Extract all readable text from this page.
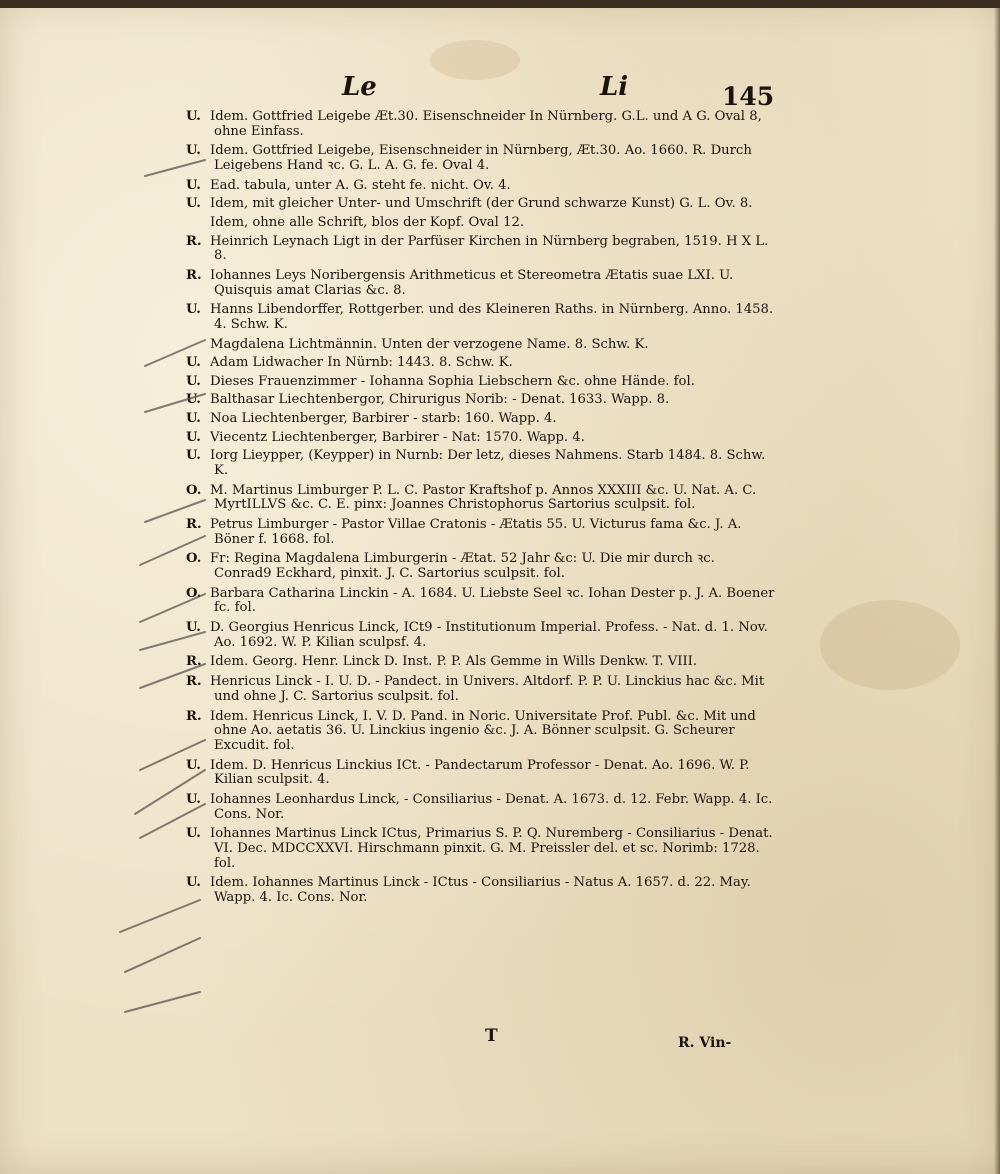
Le	Li	145
U. Idem. Gottfried Leigebe Æt.30. Eisenschneider In Nürnberg. G.L. und A G. Oval 8, ohne Einfass.
U. Idem. Gottfried Leigebe, Eisenschneider in Nürnberg, Æt.30. Ao. 1660. R. Durch Leigebens Hand ꝛc. G. L. A. G. fe. Oval 4.
U. Ead. tabula, unter A. G. steht fe. nicht. Ov. 4.
U. Idem, mit gleicher Unter- und Umschrift (der Grund schwarze Kunst) G. L. Ov. 8.
Idem, ohne alle Schrift, blos der Kopf. Oval 12.
R. Heinrich Leynach Ligt in der Parfüser Kirchen in Nürnberg begraben, 1519. H X L. 8.
R. Iohannes Leys Noribergensis Arithmeticus et Stereometra Ætatis suae LXI. U. Quisquis amat Clarias &c. 8.
U. Hanns Libendorffer, Rottgerber. und des Kleineren Raths. in Nürnberg. Anno. 1458. 4. Schw. K.
Magdalena Lichtmännin. Unten der verzogene Name. 8. Schw. K.
U. Adam Lidwacher In Nürnb: 1443. 8. Schw. K.
U. Dieses Frauenzimmer - Iohanna Sophia Liebschern &c. ohne Hände. fol.
U. Balthasar Liechtenbergor, Chirurigus Norib: - Denat. 1633. Wapp. 8.
U. Noa Liechtenberger, Barbirer - starb: 160. Wapp. 4.
U. Viecentz Liechtenberger, Barbirer - Nat: 1570. Wapp. 4.
U. Iorg Lieypper, (Keypper) in Nurnb: Der letz, dieses Nahmens. Starb 1484. 8. Schw. K.
O. M. Martinus Limburger P. L. C. Pastor Kraftshof p. Annos XXXIII &c. U. Nat. A. C. MyrtILLVS &c. C. E. pinx: Joannes Christophorus Sartorius sculpsit. fol.
R. Petrus Limburger - Pastor Villae Cratonis - Ætatis 55. U. Victurus fama &c. J. A. Böner f. 1668. fol.
O. Fr: Regina Magdalena Limburgerin - Ætat. 52 Jahr &c: U. Die mir durch ꝛc. Conrad9 Eckhard, pinxit. J. C. Sartorius sculpsit. fol.
O. Barbara Catharina Linckin - A. 1684. U. Liebste Seel ꝛc. Iohan Dester p. J. A. Boener fc. fol.
U. D. Georgius Henricus Linck, ICt9 - Institutionum Imperial. Profess. - Nat. d. 1. Nov. Ao. 1692. W. P. Kilian sculpsf. 4.
R. Idem. Georg. Henr. Linck D. Inst. P. P. Als Gemme in Wills Denkw. T. VIII.
R. Henricus Linck - I. U. D. - Pandect. in Univers. Altdorf. P. P. U. Linckius hac &c. Mit und ohne J. C. Sartorius sculpsit. fol.
R. Idem. Henricus Linck, I. V. D. Pand. in Noric. Universitate Prof. Publ. &c. Mit und ohne Ao. aetatis 36. U. Linckius ingenio &c. J. A. Bönner sculpsit. G. Scheurer Excudit. fol.
U. Idem. D. Henricus Linckius ICt. - Pandectarum Professor - Denat. Ao. 1696. W. P. Kilian sculpsit. 4.
U. Iohannes Leonhardus Linck, - Consiliarius - Denat. A. 1673. d. 12. Febr. Wapp. 4. Ic. Cons. Nor.
U. Iohannes Martinus Linck ICtus, Primarius S. P. Q. Nuremberg - Consiliarius - Denat. VI. Dec. MDCCXXVI. Hirschmann pinxit. G. M. Preissler del. et sc. Norimb: 1728. fol.
U. Idem. Iohannes Martinus Linck - ICtus - Consiliarius - Natus A. 1657. d. 22. May. Wapp. 4. Ic. Cons. Nor.
T	R. Vin-
